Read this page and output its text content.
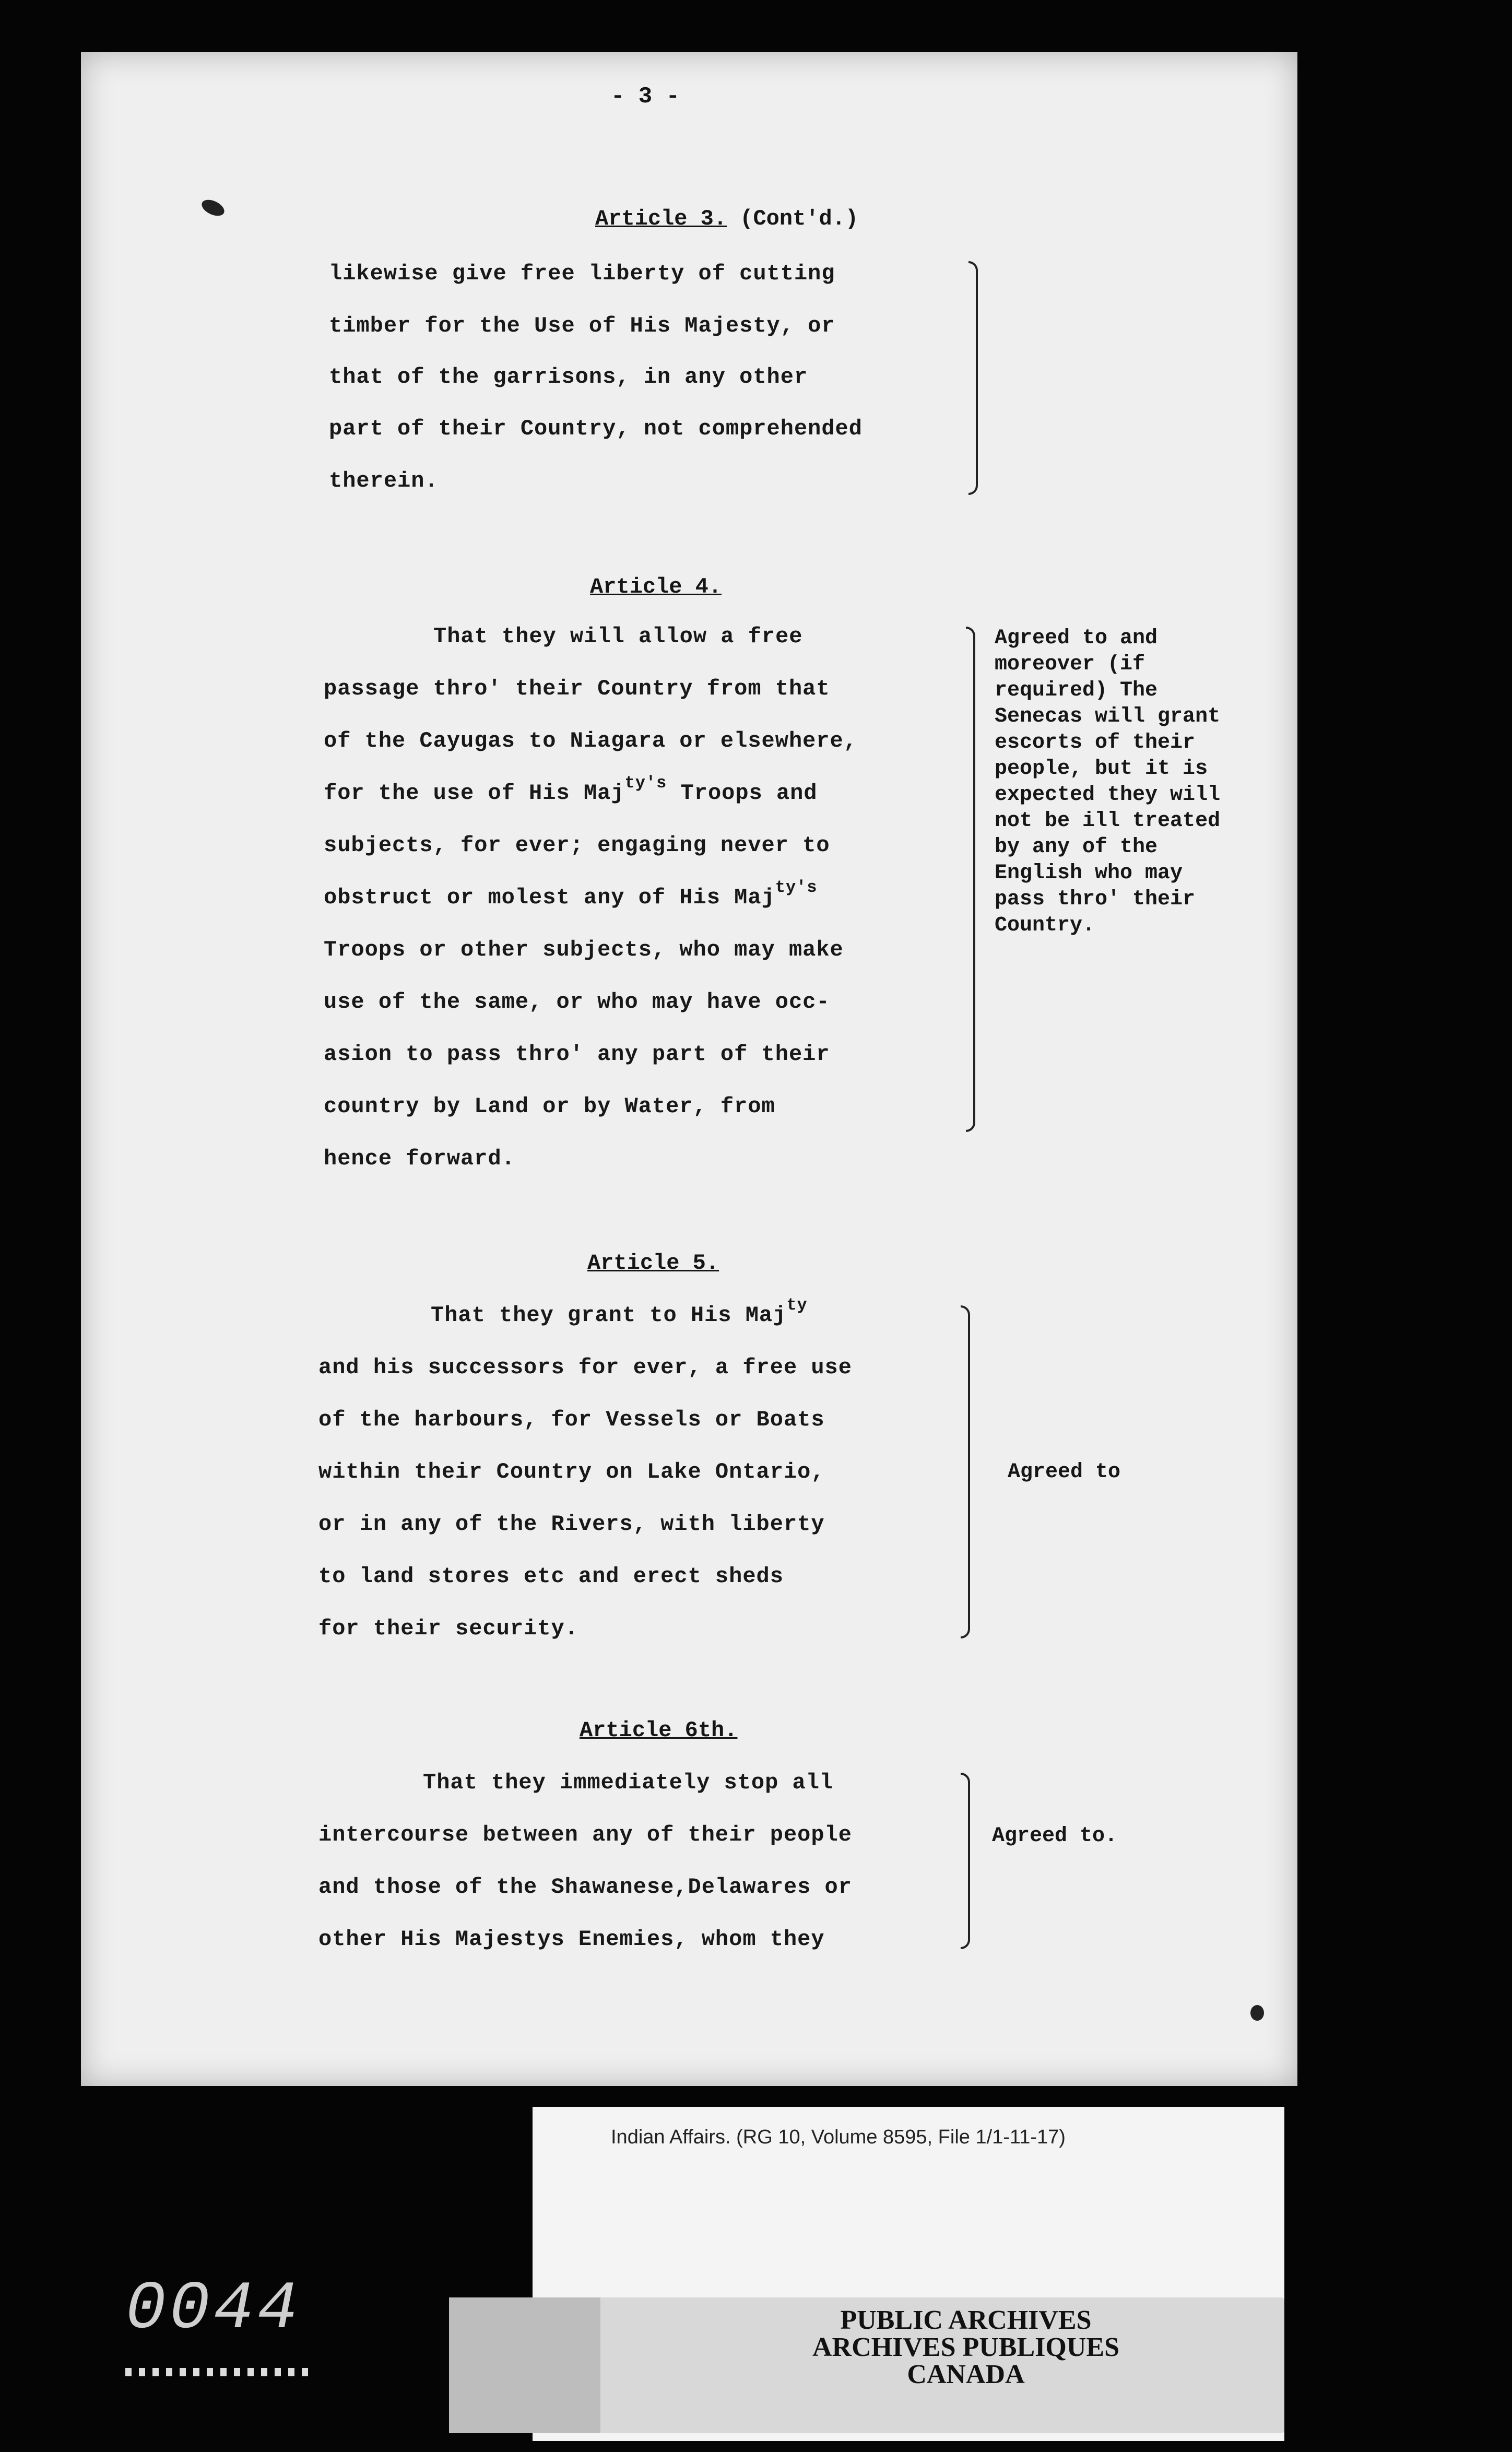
- 3 -
Article 3. (Cont'd.)
likewise give free liberty of cutting
timber for the Use of His Majesty, or
that of the garrisons, in any other
part of their Country, not comprehended
therein.
Article 4.
That they will allow a free
passage thro' their Country from that
of the Cayugas to Niagara or elsewhere,
for the use of His Maj$^{ty's}$ Troops and
subjects, for ever; engaging never to
obstruct or molest any of His Maj$^{ty's}$
Troops or other subjects, who may make
use of the same, or who may have occ-
asion to pass thro' any part of their
country by Land or by Water, from
hence forward.
Agreed to and
moreover (if
required) The
Senecas will grant
escorts of their
people, but it is
expected they will
not be ill treated
by any of the
English who may
pass thro' their
Country.
Article 5.
That they grant to His Maj$^{ty}$
and his successors for ever, a free use
of the harbours, for Vessels or Boats
within their Country on Lake Ontario,
or in any of the Rivers, with liberty
to land stores etc and erect sheds
for their security.
Agreed to
Article 6th.
That they immediately stop all
intercourse between any of their people
and those of the Shawanese,Delawares or
other His Majestys Enemies, whom they
Agreed to.
Indian Affairs. (RG 10, Volume 8595, File 1/1-11-17)
PUBLIC ARCHIVES
ARCHIVES PUBLIQUES
CANADA
0044
